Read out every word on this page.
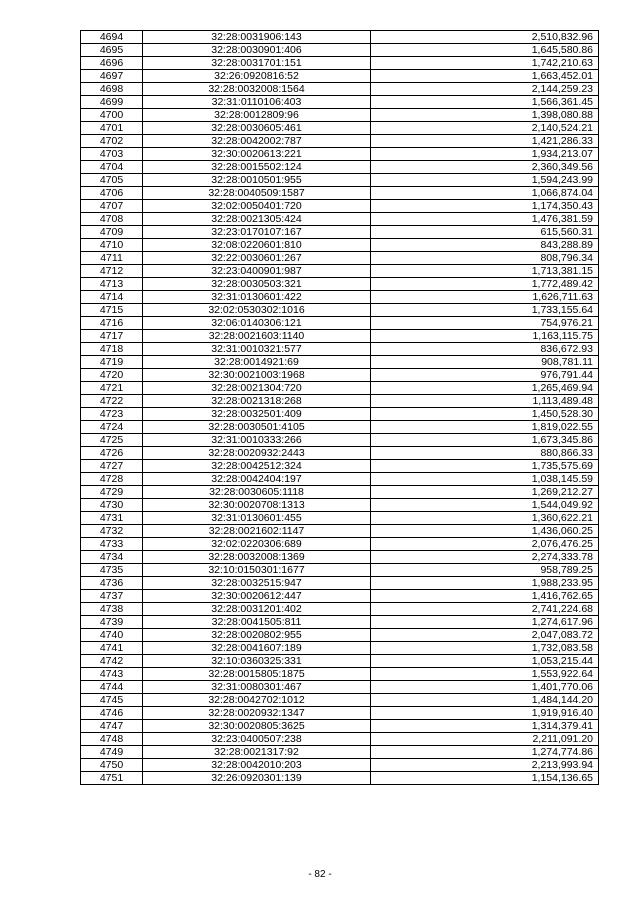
4694	32:28:0031906:143	2,510,832.96
4695	32:28:0030901:406	1,645,580.86
4696	32:28:0031701:151	1,742,210.63
4697	32:26:0920816:52	1,663,452.01
4698	32:28:0032008:1564	2,144,259.23
4699	32:31:0110106:403	1,566,361.45
4700	32:28:0012809:96	1,398,080.88
4701	32:28:0030605:461	2,140,524.21
4702	32:28:0042002:787	1,421,286.33
4703	32:30:0020613:221	1,934,213.07
4704	32:28:0015502:124	2,360,349.56
4705	32:28:0010501:955	1,594,243.99
4706	32:28:0040509:1587	1,066,874.04
4707	32:02:0050401:720	1,174,350.43
4708	32:28:0021305:424	1,476,381.59
4709	32:23:0170107:167	615,560.31
4710	32:08:0220601:810	843,288.89
4711	32:22:0030601:267	808,796.34
4712	32:23:0400901:987	1,713,381.15
4713	32:28:0030503:321	1,772,489.42
4714	32:31:0130601:422	1,626,711.63
4715	32:02:0530302:1016	1,733,155.64
4716	32:06:0140306:121	754,976.21
4717	32:28:0021603:1140	1,163,115.75
4718	32:31:0010321:577	836,672.93
4719	32:28:0014921:69	908,781.11
4720	32:30:0021003:1968	976,791.44
4721	32:28:0021304:720	1,265,469.94
4722	32:28:0021318:268	1,113,489.48
4723	32:28:0032501:409	1,450,528.30
4724	32:28:0030501:4105	1,819,022.55
4725	32:31:0010333:266	1,673,345.86
4726	32:28:0020932:2443	880,866.33
4727	32:28:0042512:324	1,735,575.69
4728	32:28:0042404:197	1,038,145.59
4729	32:28:0030605:1118	1,269,212.27
4730	32:30:0020708:1313	1,544,049.92
4731	32:31:0130601:455	1,360,622.21
4732	32:28:0021602:1147	1,436,060.25
4733	32:02:0220306:689	2,076,476.25
4734	32:28:0032008:1369	2,274,333.78
4735	32:10:0150301:1677	958,789.25
4736	32:28:0032515:947	1,988,233.95
4737	32:30:0020612:447	1,416,762.65
4738	32:28:0031201:402	2,741,224.68
4739	32:28:0041505:811	1,274,617.96
4740	32:28:0020802:955	2,047,083.72
4741	32:28:0041607:189	1,732,083.58
4742	32:10:0360325:331	1,053,215.44
4743	32:28:0015805:1875	1,553,922.64
4744	32:31:0080301:467	1,401,770.06
4745	32:28:0042702:1012	1,484,144.20
4746	32:28:0020932:1347	1,919,916.40
4747	32:30:0020805:3625	1,314,379.41
4748	32:23:0400507:238	2,211,091.20
4749	32:28:0021317:92	1,274,774.86
4750	32:28:0042010:203	2,213,993.94
4751	32:26:0920301:139	1,154,136.65
- 82 -
